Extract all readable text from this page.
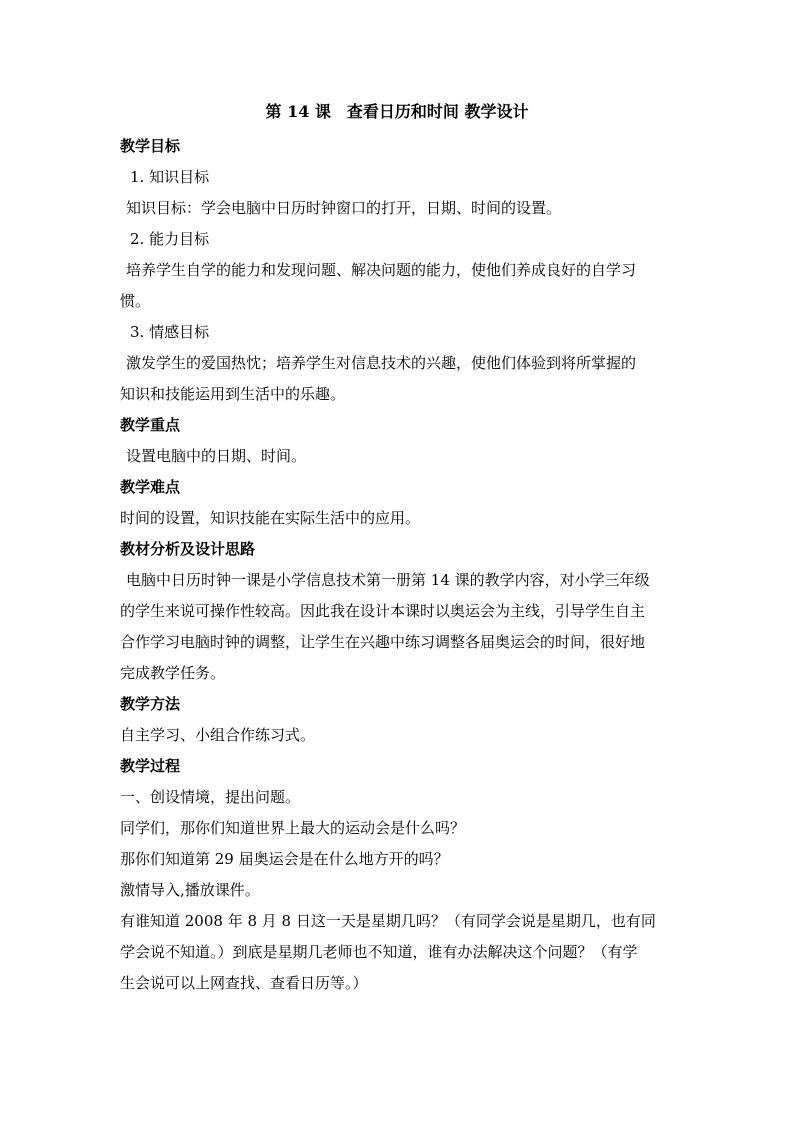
第 14 课　查看日历和时间 教学设计
教学目标
1. 知识目标
知识目标：学会电脑中日历时钟窗口的打开，日期、时间的设置。
2. 能力目标
培养学生自学的能力和发现问题、解决问题的能力，使他们养成良好的自学习
惯。
3. 情感目标
激发学生的爱国热忱；培养学生对信息技术的兴趣，使他们体验到将所掌握的
知识和技能运用到生活中的乐趣。
教学重点
设置电脑中的日期、时间。
教学难点
时间的设置，知识技能在实际生活中的应用。
教材分析及设计思路
电脑中日历时钟一课是小学信息技术第一册第 14 课的教学内容，对小学三年级
的学生来说可操作性较高。因此我在设计本课时以奥运会为主线，引导学生自主
合作学习电脑时钟的调整，让学生在兴趣中练习调整各届奥运会的时间，很好地
完成教学任务。
教学方法
自主学习、小组合作练习式。
教学过程
一、创设情境，提出问题。
同学们，那你们知道世界上最大的运动会是什么吗？
那你们知道第 29 届奥运会是在什么地方开的吗？
激情导入,播放课件。
有谁知道 2008 年 8 月 8 日这一天是星期几吗？（有同学会说是星期几，也有同
学会说不知道。）到底是星期几老师也不知道，谁有办法解决这个问题？（有学
生会说可以上网查找、查看日历等。）
